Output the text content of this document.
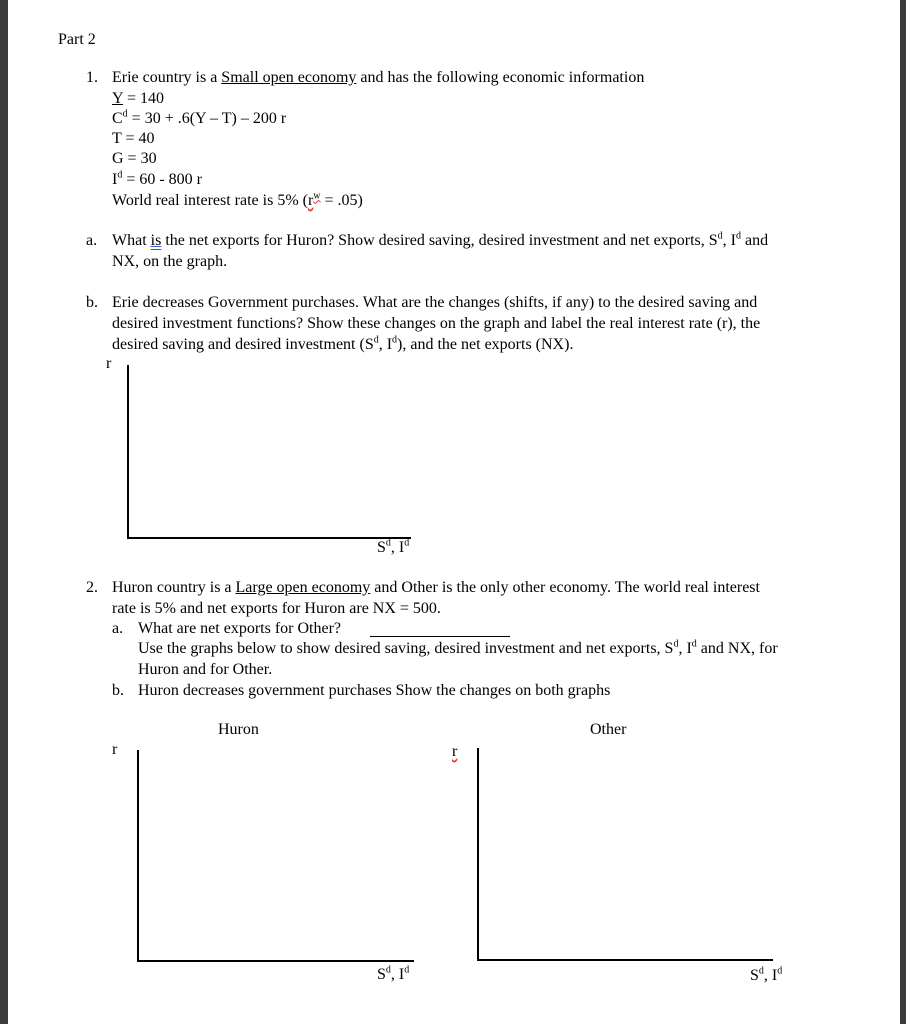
Part 2
1. Erie country is a Small open economy and has the following economic information
Y = 140
$C^d = 30 + .6(Y - T) - 200$ r
T = 40
G = 30
$I^d = 60 - 800$ r
World real interest rate is 5% $(r^w = .05)$
a. What is the net exports for Huron? Show desired saving, desired investment and net exports, $S^d$, $I^d$ and
NX, on the graph.
b. Erie decreases Government purchases. What are the changes (shifts, if any) to the desired saving and
desired investment functions? Show these changes on the graph and label the real interest rate (r), the
desired saving and desired investment ($S^d$, $I^d$), and the net exports (NX).
r
$S^d$, $I^d$
2. Huron country is a Large open economy and Other is the only other economy. The world real interest
rate is 5% and net exports for Huron are NX = 500.
a. What are net exports for Other?
Use the graphs below to show desired saving, desired investment and net exports, $S^d$, $I^d$ and NX, for
Huron and for Other.
b. Huron decreases government purchases Show the changes on both graphs
Huron	Other
r
$S^d$, $I^d$
r
$S^d$, $I^d$
